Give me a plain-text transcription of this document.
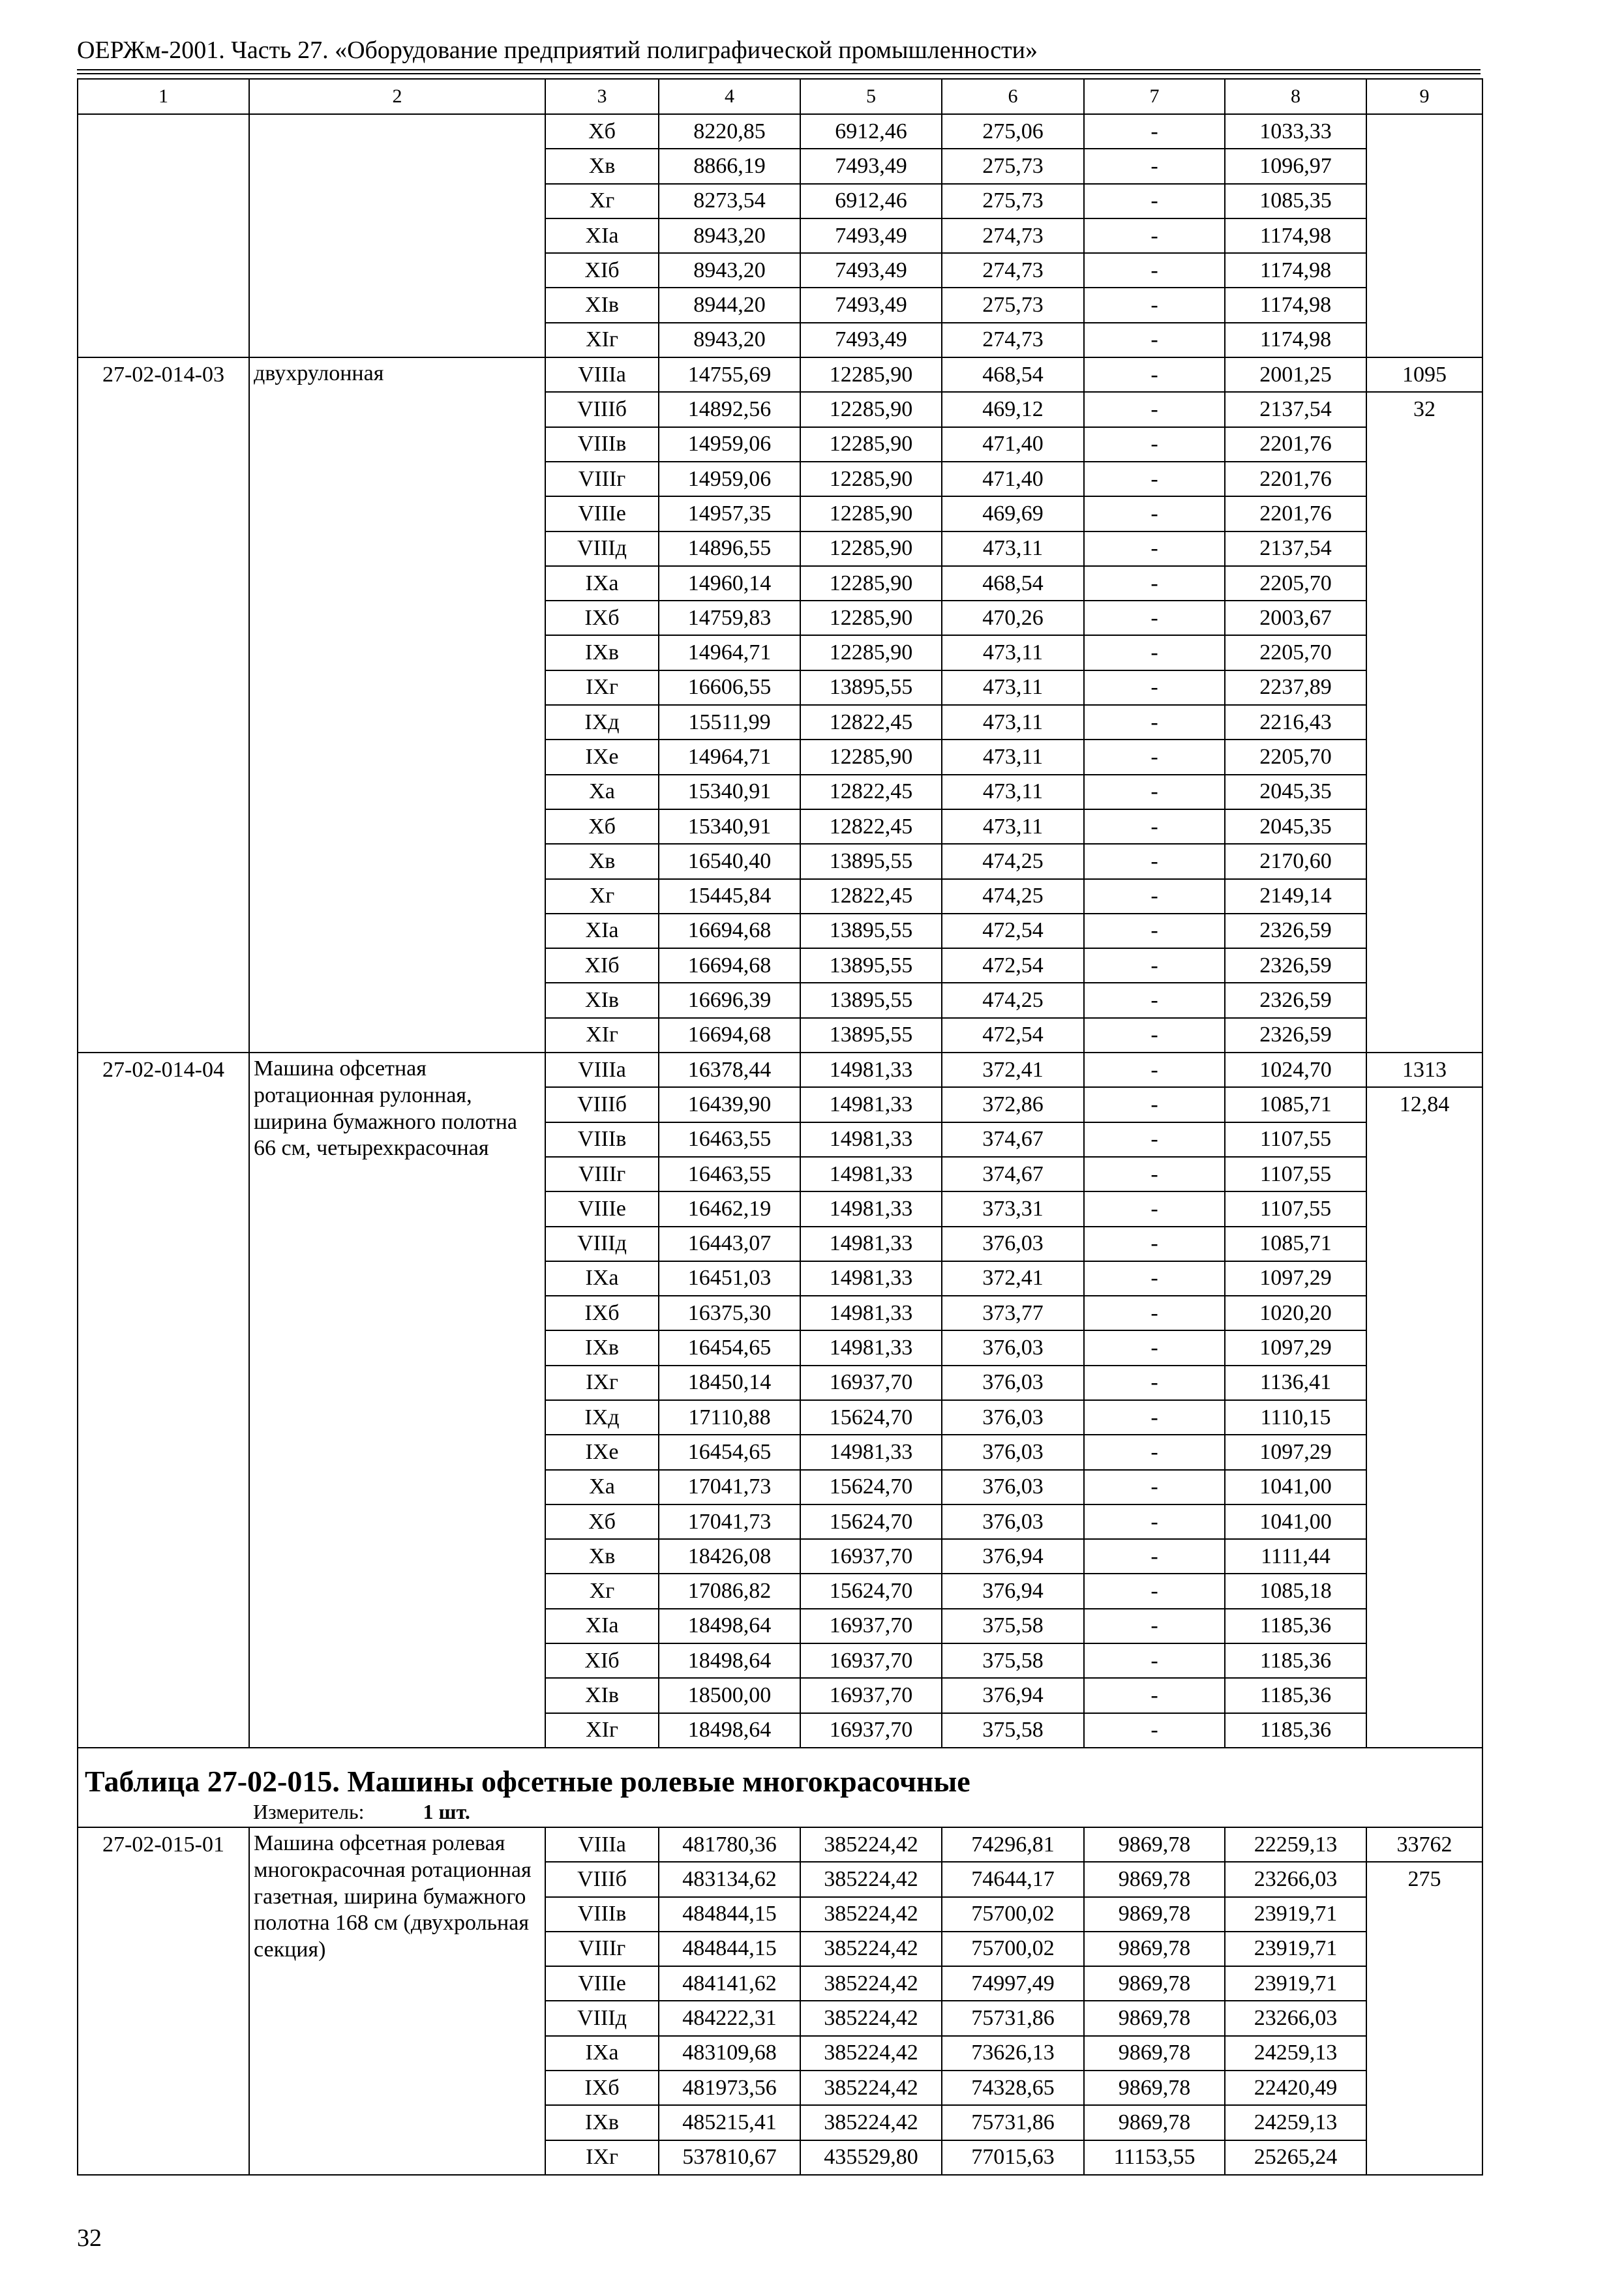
ОЕРЖм-2001. Часть 27. «Оборудование предприятий полиграфической промышленности»
1	2	3	4	5	6	7	8	9
		Xб	8220,85	6912,46	275,06	-	1033,33	
		Xв	8866,19	7493,49	275,73	-	1096,97	
		Xг	8273,54	6912,46	275,73	-	1085,35	
		XIа	8943,20	7493,49	274,73	-	1174,98	
		XIб	8943,20	7493,49	274,73	-	1174,98	
		XIв	8944,20	7493,49	275,73	-	1174,98	
		XIг	8943,20	7493,49	274,73	-	1174,98	
27-02-014-03	двухрулонная	VIIIа	14755,69	12285,90	468,54	-	2001,25	1095
		VIIIб	14892,56	12285,90	469,12	-	2137,54	32
		VIIIв	14959,06	12285,90	471,40	-	2201,76	
		VIIIг	14959,06	12285,90	471,40	-	2201,76	
		VIIIе	14957,35	12285,90	469,69	-	2201,76	
		VIIIд	14896,55	12285,90	473,11	-	2137,54	
		IXа	14960,14	12285,90	468,54	-	2205,70	
		IXб	14759,83	12285,90	470,26	-	2003,67	
		IXв	14964,71	12285,90	473,11	-	2205,70	
		IXг	16606,55	13895,55	473,11	-	2237,89	
		IXд	15511,99	12822,45	473,11	-	2216,43	
		IXе	14964,71	12285,90	473,11	-	2205,70	
		Xа	15340,91	12822,45	473,11	-	2045,35	
		Xб	15340,91	12822,45	473,11	-	2045,35	
		Xв	16540,40	13895,55	474,25	-	2170,60	
		Xг	15445,84	12822,45	474,25	-	2149,14	
		XIа	16694,68	13895,55	472,54	-	2326,59	
		XIб	16694,68	13895,55	472,54	-	2326,59	
		XIв	16696,39	13895,55	474,25	-	2326,59	
		XIг	16694,68	13895,55	472,54	-	2326,59	
27-02-014-04	Машина офсетная ротационная рулонная, ширина бумажного полотна 66 см, четырехкрасочная	VIIIа	16378,44	14981,33	372,41	-	1024,70	1313
		VIIIб	16439,90	14981,33	372,86	-	1085,71	12,84
		VIIIв	16463,55	14981,33	374,67	-	1107,55	
		VIIIг	16463,55	14981,33	374,67	-	1107,55	
		VIIIе	16462,19	14981,33	373,31	-	1107,55	
		VIIIд	16443,07	14981,33	376,03	-	1085,71	
		IXа	16451,03	14981,33	372,41	-	1097,29	
		IXб	16375,30	14981,33	373,77	-	1020,20	
		IXв	16454,65	14981,33	376,03	-	1097,29	
		IXг	18450,14	16937,70	376,03	-	1136,41	
		IXд	17110,88	15624,70	376,03	-	1110,15	
		IXе	16454,65	14981,33	376,03	-	1097,29	
		Xа	17041,73	15624,70	376,03	-	1041,00	
		Xб	17041,73	15624,70	376,03	-	1041,00	
		Xв	18426,08	16937,70	376,94	-	1111,44	
		Xг	17086,82	15624,70	376,94	-	1085,18	
		XIа	18498,64	16937,70	375,58	-	1185,36	
		XIб	18498,64	16937,70	375,58	-	1185,36	
		XIв	18500,00	16937,70	376,94	-	1185,36	
		XIг	18498,64	16937,70	375,58	-	1185,36	
Таблица 27-02-015. Машины офсетные ролевые многокрасочные								
Измеритель: 1 шт.								
27-02-015-01	Машина офсетная ролевая многокрасочная ротационная газетная, ширина бумажного полотна 168 см (двухрольная секция)	VIIIа	481780,36	385224,42	74296,81	9869,78	22259,13	33762
		VIIIб	483134,62	385224,42	74644,17	9869,78	23266,03	275
		VIIIв	484844,15	385224,42	75700,02	9869,78	23919,71	
		VIIIг	484844,15	385224,42	75700,02	9869,78	23919,71	
		VIIIе	484141,62	385224,42	74997,49	9869,78	23919,71	
		VIIIд	484222,31	385224,42	75731,86	9869,78	23266,03	
		IXа	483109,68	385224,42	73626,13	9869,78	24259,13	
		IXб	481973,56	385224,42	74328,65	9869,78	22420,49	
		IXв	485215,41	385224,42	75731,86	9869,78	24259,13	
		IXг	537810,67	435529,80	77015,63	11153,55	25265,24	
32
